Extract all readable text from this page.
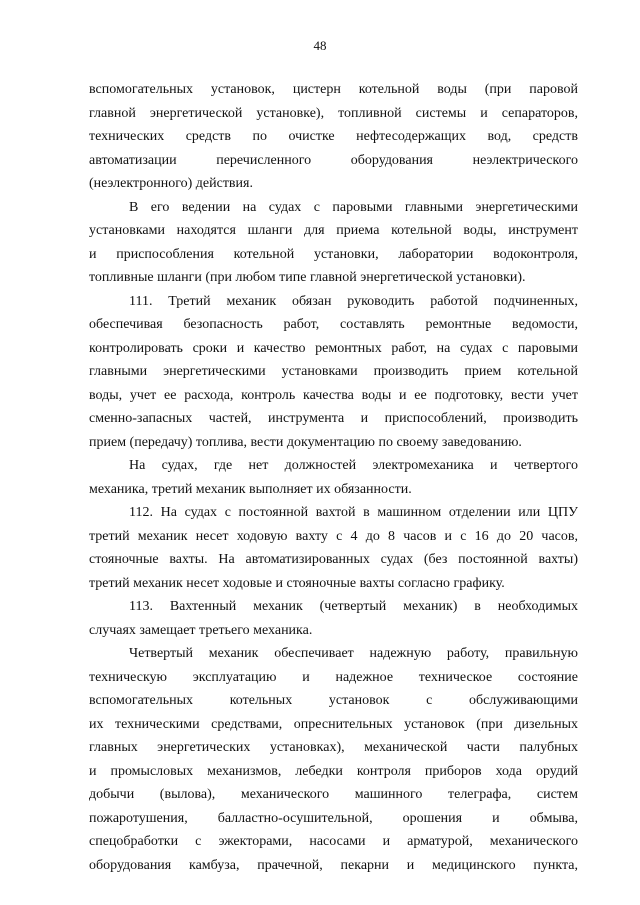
48
вспомогательных установок, цистерн котельной воды (при паровой
главной энергетической установке), топливной системы и сепараторов,
технических средств по очистке нефтесодержащих вод, средств
автоматизации перечисленного оборудования неэлектрического
(неэлектронного) действия.
В его ведении на судах с паровыми главными энергетическими
установками находятся шланги для приема котельной воды, инструмент
и приспособления котельной установки, лаборатории водоконтроля,
топливные шланги (при любом типе главной энергетической установки).
111. Третий механик обязан руководить работой подчиненных,
обеспечивая безопасность работ, составлять ремонтные ведомости,
контролировать сроки и качество ремонтных работ, на судах с паровыми
главными энергетическими установками производить прием котельной
воды, учет ее расхода, контроль качества воды и ее подготовку, вести учет
сменно-запасных частей, инструмента и приспособлений, производить
прием (передачу) топлива, вести документацию по своему заведованию.
На судах, где нет должностей электромеханика и четвертого
механика, третий механик выполняет их обязанности.
112. На судах с постоянной вахтой в машинном отделении или ЦПУ
третий механик несет ходовую вахту с 4 до 8 часов и с 16 до 20 часов,
стояночные вахты. На автоматизированных судах (без постоянной вахты)
третий механик несет ходовые и стояночные вахты согласно графику.
113. Вахтенный механик (четвертый механик) в необходимых
случаях замещает третьего механика.
Четвертый механик обеспечивает надежную работу, правильную
техническую эксплуатацию и надежное техническое состояние
вспомогательных котельных установок с обслуживающими
их техническими средствами, опреснительных установок (при дизельных
главных энергетических установках), механической части палубных
и промысловых механизмов, лебедки контроля приборов хода орудий
добычи (вылова), механического машинного телеграфа, систем
пожаротушения, балластно-осушительной, орошения и обмыва,
спецобработки с эжекторами, насосами и арматурой, механического
оборудования камбуза, прачечной, пекарни и медицинского пункта,
